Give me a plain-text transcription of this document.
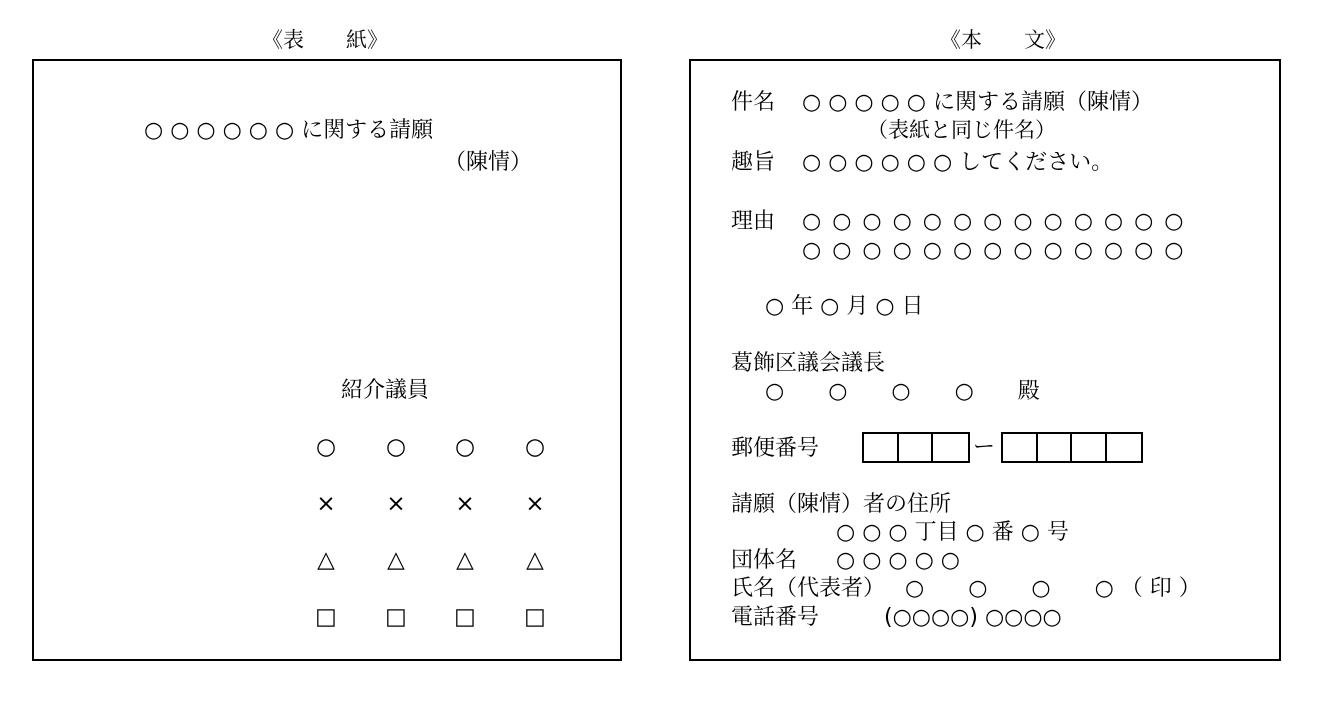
《表　　紙》
○ ○ ○ ○ ○ ○ に関する請願
（陳情）
紹介議員
○	○	○	○
×	×	×	×
△	△	△	△
□	□	□	□
《本　　文》
件名 ○ ○ ○ ○ ○ に関する請願（陳情）
（表紙と同じ件名）
趣旨 ○ ○ ○ ○ ○ ○ してください。
理由 ○ ○ ○ ○ ○ ○ ○ ○ ○ ○ ○ ○ ○
○ ○ ○ ○ ○ ○ ○ ○ ○ ○ ○ ○ ○
○ 年 ○ 月 ○ 日
葛飾区議会議長
○　　○　　○　　○　　殿
郵便番号	ー
請願（陳情）者の住所
○ ○ ○ 丁目 ○ 番 ○ 号
団体名 ○ ○ ○ ○ ○
氏名（代表者） ○　　○　　○　　○ （ 印 ）
電話番号	(○○○○) ○○○○
